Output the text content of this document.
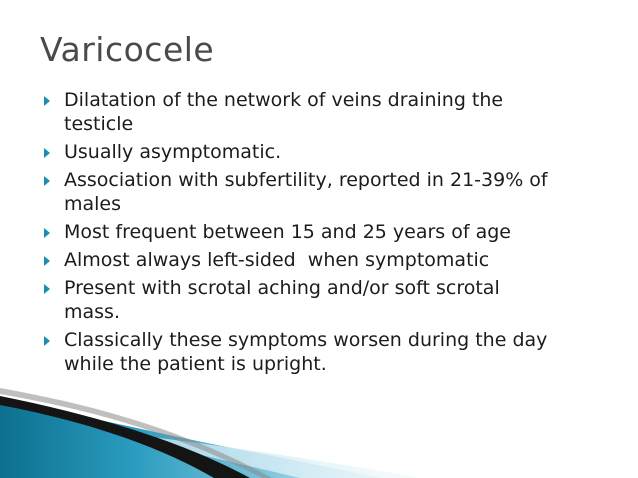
Varicocele
Dilatation of the network of veins draining the
testicle
Usually asymptomatic.
Association with subfertility, reported in 21-39% of
males
Most frequent between 15 and 25 years of age
Almost always left-sided  when symptomatic
Present with scrotal aching and/or soft scrotal
mass.
Classically these symptoms worsen during the day
while the patient is upright.
